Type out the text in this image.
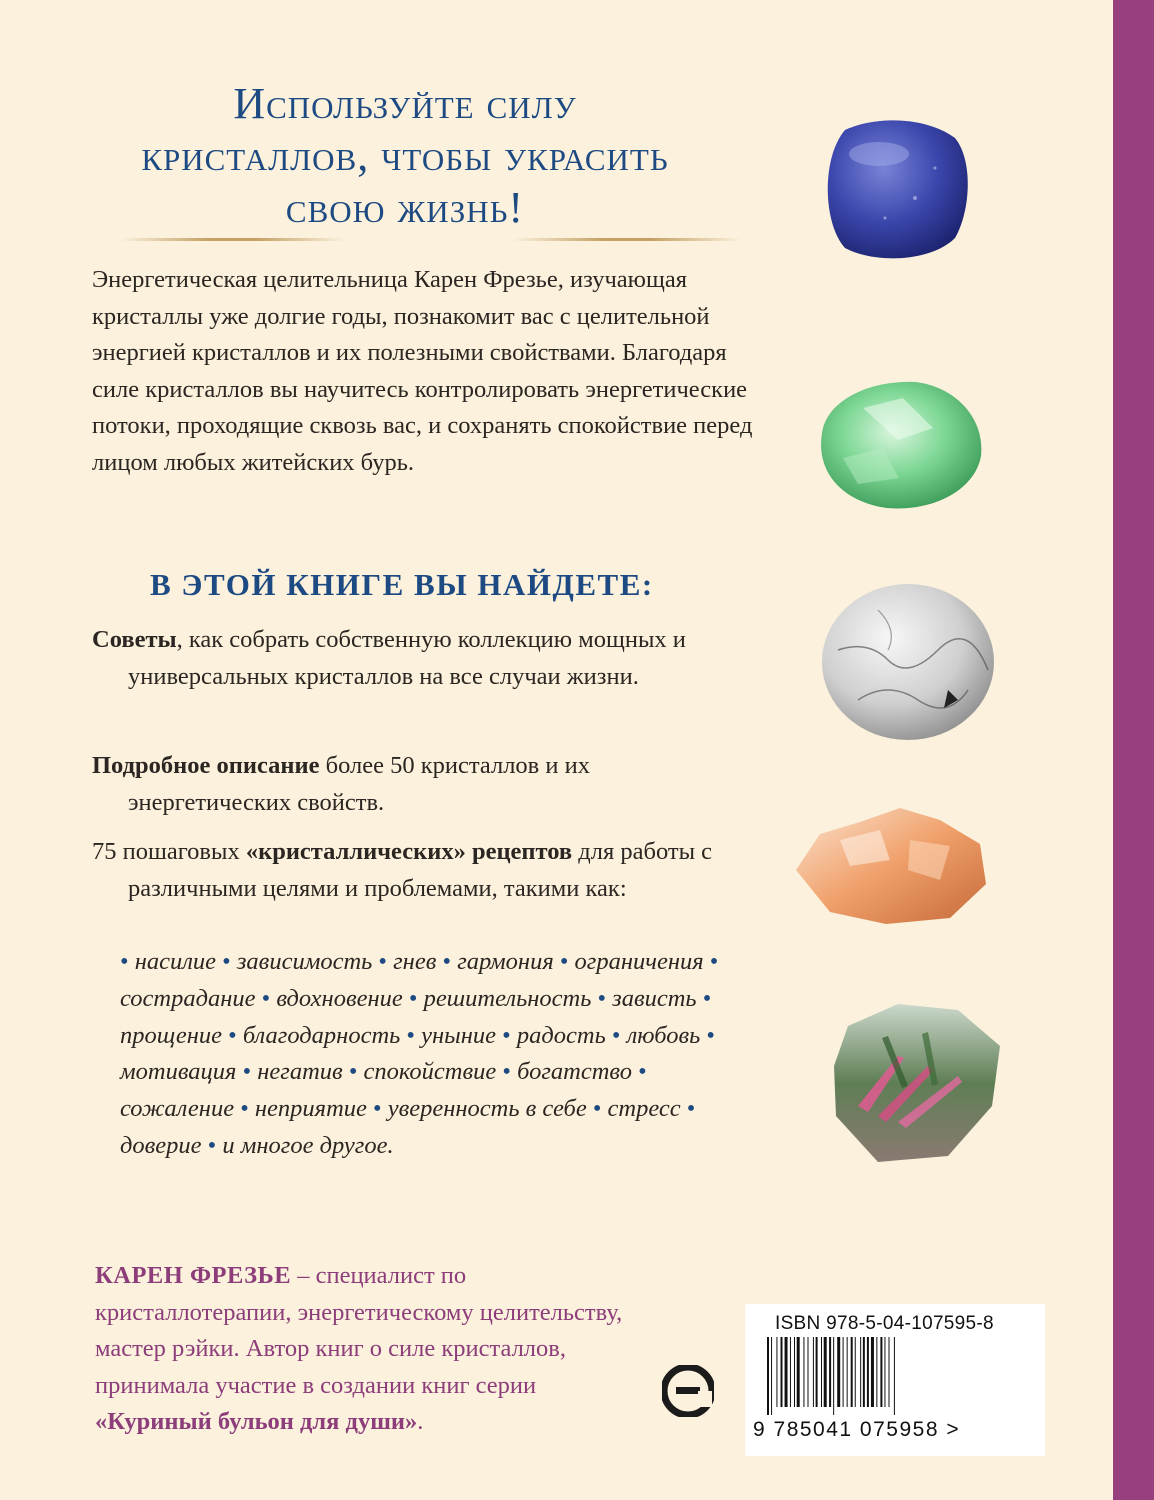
Используйте силу
кристаллов, чтобы украсить
свою жизнь!

Энергетическая целительница Карен Фрезье, изучающая кристаллы уже долгие годы, познакомит вас с целительной энергией кристаллов и их полезными свойствами. Благодаря силе кристаллов вы научитесь контролировать энергетические потоки, проходящие сквозь вас, и сохранять спокойствие перед лицом любых житейских бурь.

В ЭТОЙ КНИГЕ ВЫ НАЙДЕТЕ:

Советы, как собрать собственную коллекцию мощных и универсальных кристаллов на все случаи жизни.

Подробное описание более 50 кристаллов и их энергетических свойств.

75 пошаговых «кристаллических» рецептов для работы с различными целями и проблемами, такими как:

• насилие • зависимость • гнев • гармония • ограничения • сострадание • вдохновение • решительность • зависть • прощение • благодарность • уныние • радость • любовь • мотивация • негатив • спокойствие • богатство • сожаление • неприятие • уверенность в себе • стресс • доверие • и многое другое.

КАРЕН ФРЕЗЬЕ – специалист по кристаллотерапии, энергетическому целительству, мастер рэйки. Автор книг о силе кристаллов, принимала участие в создании книг серии «Куриный бульон для души».

ISBN 978-5-04-107595-8
9 785041 075958 >
